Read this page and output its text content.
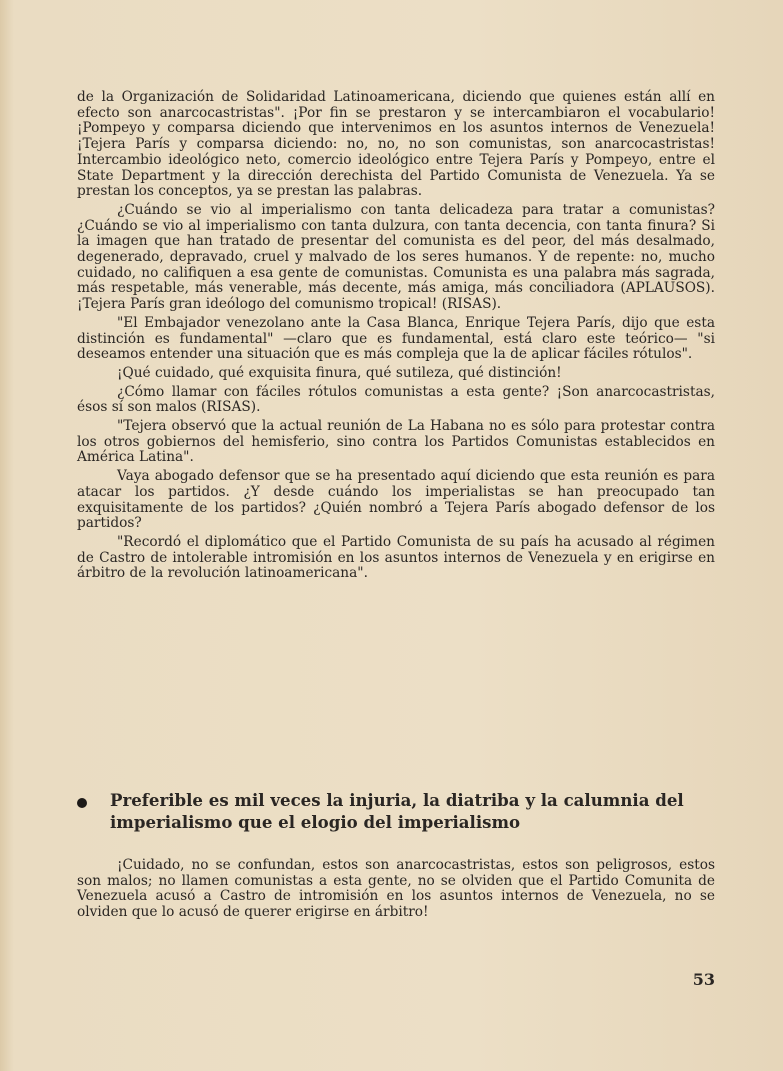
de la Organización de Solidaridad Latinoamericana, diciendo que quienes están allí en efecto son anarcocastristas". ¡Por fin se prestaron y se intercambiaron el vocabulario! ¡Pompeyo y comparsa diciendo que intervenimos en los asuntos internos de Venezuela! ¡Tejera París y comparsa diciendo: no, no, no son comunistas, son anarcocastristas! Intercambio ideológico neto, comercio ideológico entre Tejera París y Pompeyo, entre el State Department y la dirección derechista del Partido Comunista de Venezuela. Ya se prestan los conceptos, ya se prestan las palabras.

¿Cuándo se vio al imperialismo con tanta delicadeza para tratar a comunistas? ¿Cuándo se vio al imperialismo con tanta dulzura, con tanta decencia, con tanta finura? Si la imagen que han tratado de presentar del comunista es del peor, del más desalmado, degenerado, depravado, cruel y malvado de los seres humanos. Y de repente: no, mucho cuidado, no califiquen a esa gente de comunistas. Comunista es una palabra más sagrada, más respetable, más venerable, más decente, más amiga, más conciliadora (APLAUSOS). ¡Tejera París gran ideólogo del comunismo tropical! (RISAS).

"El Embajador venezolano ante la Casa Blanca, Enrique Tejera París, dijo que esta distinción es fundamental" —claro que es fundamental, está claro este teórico— "si deseamos entender una situación que es más compleja que la de aplicar fáciles rótulos".

¡Qué cuidado, qué exquisita finura, qué sutileza, qué distinción!

¿Cómo llamar con fáciles rótulos comunistas a esta gente? ¡Son anarcocastristas, ésos sí son malos (RISAS).

"Tejera observó que la actual reunión de La Habana no es sólo para protestar contra los otros gobiernos del hemisferio, sino contra los Partidos Comunistas establecidos en América Latina".

Vaya abogado defensor que se ha presentado aquí diciendo que esta reunión es para atacar los partidos. ¿Y desde cuándo los imperialistas se han preocupado tan exquisitamente de los partidos? ¿Quién nombró a Tejera París abogado defensor de los partidos?

"Recordó el diplomático que el Partido Comunista de su país ha acusado al régimen de Castro de intolerable intromisión en los asuntos internos de Venezuela y en erigirse en árbitro de la revolución latinoamericana".

Preferible es mil veces la injuria, la diatriba y la calumnia del imperialismo que el elogio del imperialismo

¡Cuidado, no se confundan, estos son anarcocastristas, estos son peligrosos, estos son malos; no llamen comunistas a esta gente, no se olviden que el Partido Comunita de Venezuela acusó a Castro de intromisión en los asuntos internos de Venezuela, no se olviden que lo acusó de querer erigirse en árbitro!

53
